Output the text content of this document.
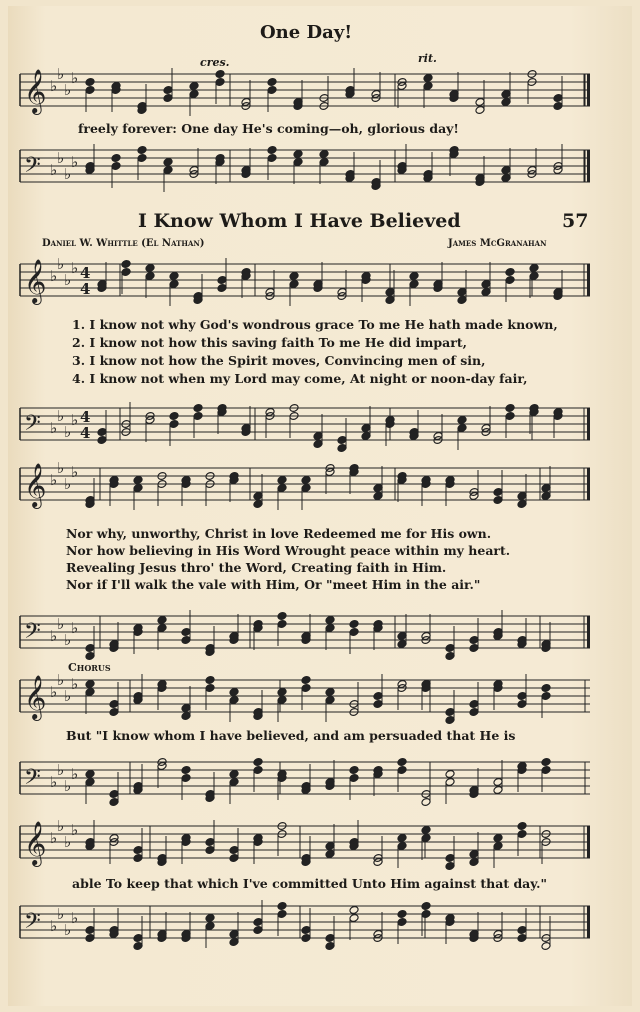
One Day!
cres.	rit.
𝄞 ♭
♭
♭
♭
freely forever: One day He's coming—oh, glorious day!
𝄢 ♭
♭
♭
♭
I Know Whom I Have Believed	57
Daniel W. Whittle (El Nathan)	James McGranahan
𝄞 ♭
♭
♭
♭ 4
4
1. I know not why God's wondrous grace To me He hath made known,
2. I know not how this saving faith To me He did impart,
3. I know not how the Spirit moves, Convincing men of sin,
4. I know not when my Lord may come, At night or noon-day fair,
𝄢 ♭
♭
♭
♭ 4
4
𝄞 ♭
♭
♭
♭
Nor why, unworthy, Christ in love Redeemed me for His own.
Nor how believing in His Word Wrought peace within my heart.
Revealing Jesus thro' the Word, Creating faith in Him.
Nor if I'll walk the vale with Him, Or "meet Him in the air."
𝄢 ♭
♭
♭
♭
Chorus
𝄞 ♭
♭
♭
♭
But "I know whom I have believed, and am persuaded that He is
𝄢 ♭
♭
♭
♭
𝄞 ♭
♭
♭
♭
able To keep that which I've committed Unto Him against that day."
𝄢 ♭
♭
♭
♭
